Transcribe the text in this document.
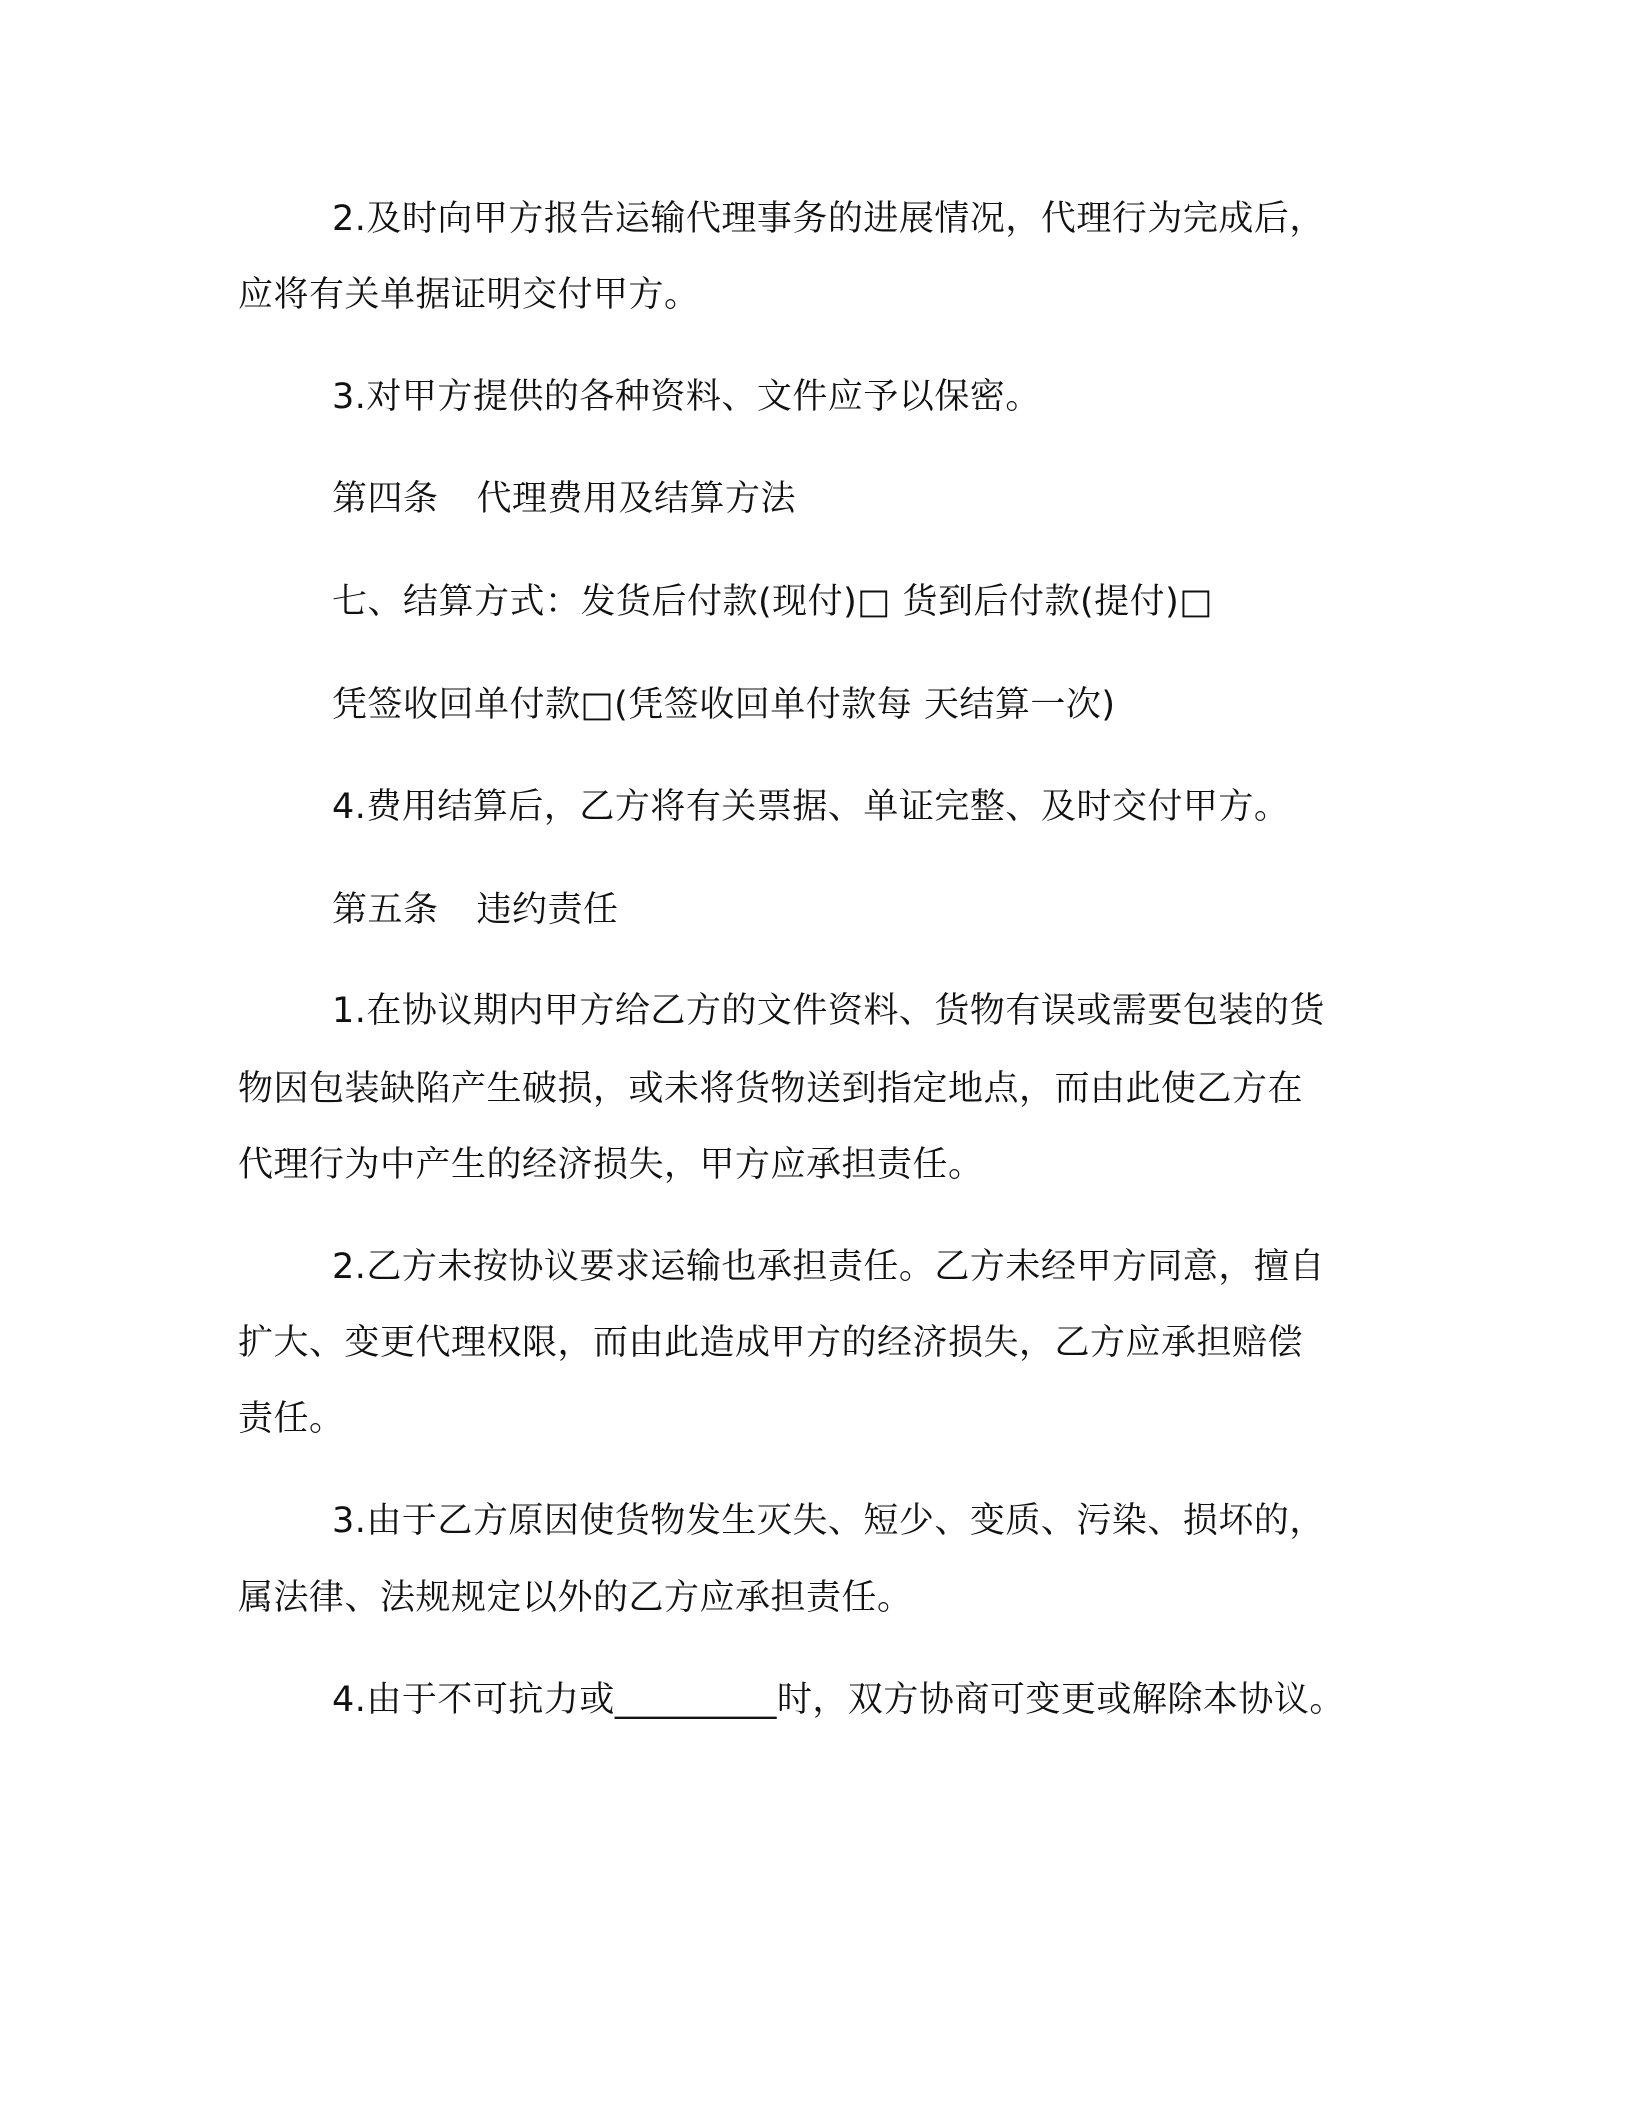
2.及时向甲方报告运输代理事务的进展情况，代理行为完成后，
应将有关单据证明交付甲方。
3.对甲方提供的各种资料、文件应予以保密。
第四条 代理费用及结算方法
七、结算方式：发货后付款(现付)□ 货到后付款(提付)□
凭签收回单付款□(凭签收回单付款每 天结算一次)
4.费用结算后，乙方将有关票据、单证完整、及时交付甲方。
第五条 违约责任
1.在协议期内甲方给乙方的文件资料、货物有误或需要包装的货
物因包装缺陷产生破损，或未将货物送到指定地点，而由此使乙方在
代理行为中产生的经济损失，甲方应承担责任。
2.乙方未按协议要求运输也承担责任。乙方未经甲方同意，擅自
扩大、变更代理权限，而由此造成甲方的经济损失，乙方应承担赔偿
责任。
3.由于乙方原因使货物发生灭失、短少、变质、污染、损坏的，
属法律、法规规定以外的乙方应承担责任。
4.由于不可抗力或_________时，双方协商可变更或解除本协议。
